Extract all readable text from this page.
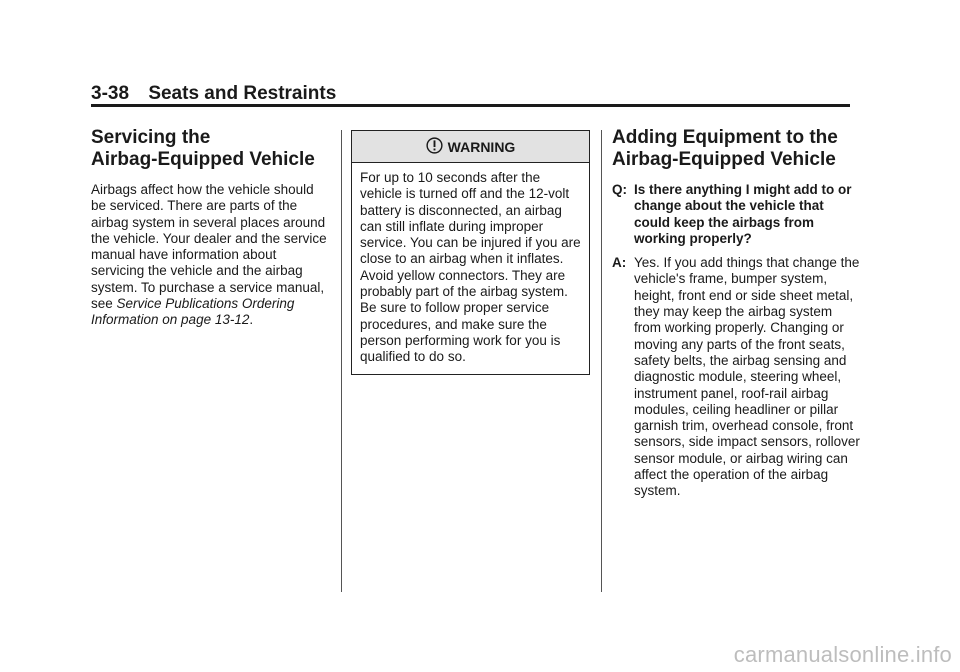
3-38 Seats and Restraints
Servicing the
Airbag-Equipped Vehicle

Airbags affect how the vehicle should be serviced. There are parts of the airbag system in several places around the vehicle. Your dealer and the service manual have information about servicing the vehicle and the airbag system. To purchase a service manual, see Service Publications Ordering Information on page 13-12.

WARNING
For up to 10 seconds after the vehicle is turned off and the 12-volt battery is disconnected, an airbag can still inflate during improper service. You can be injured if you are close to an airbag when it inflates. Avoid yellow connectors. They are probably part of the airbag system. Be sure to follow proper service procedures, and make sure the person performing work for you is qualified to do so.
Adding Equipment to the
Airbag-Equipped Vehicle
Q: Is there anything I might add to or change about the vehicle that could keep the airbags from working properly?
A: Yes. If you add things that change the vehicle's frame, bumper system, height, front end or side sheet metal, they may keep the airbag system from working properly. Changing or moving any parts of the front seats, safety belts, the airbag sensing and diagnostic module, steering wheel, instrument panel, roof-rail airbag modules, ceiling headliner or pillar garnish trim, overhead console, front sensors, side impact sensors, rollover sensor module, or airbag wiring can affect the operation of the airbag system.
carmanualsonline.info
